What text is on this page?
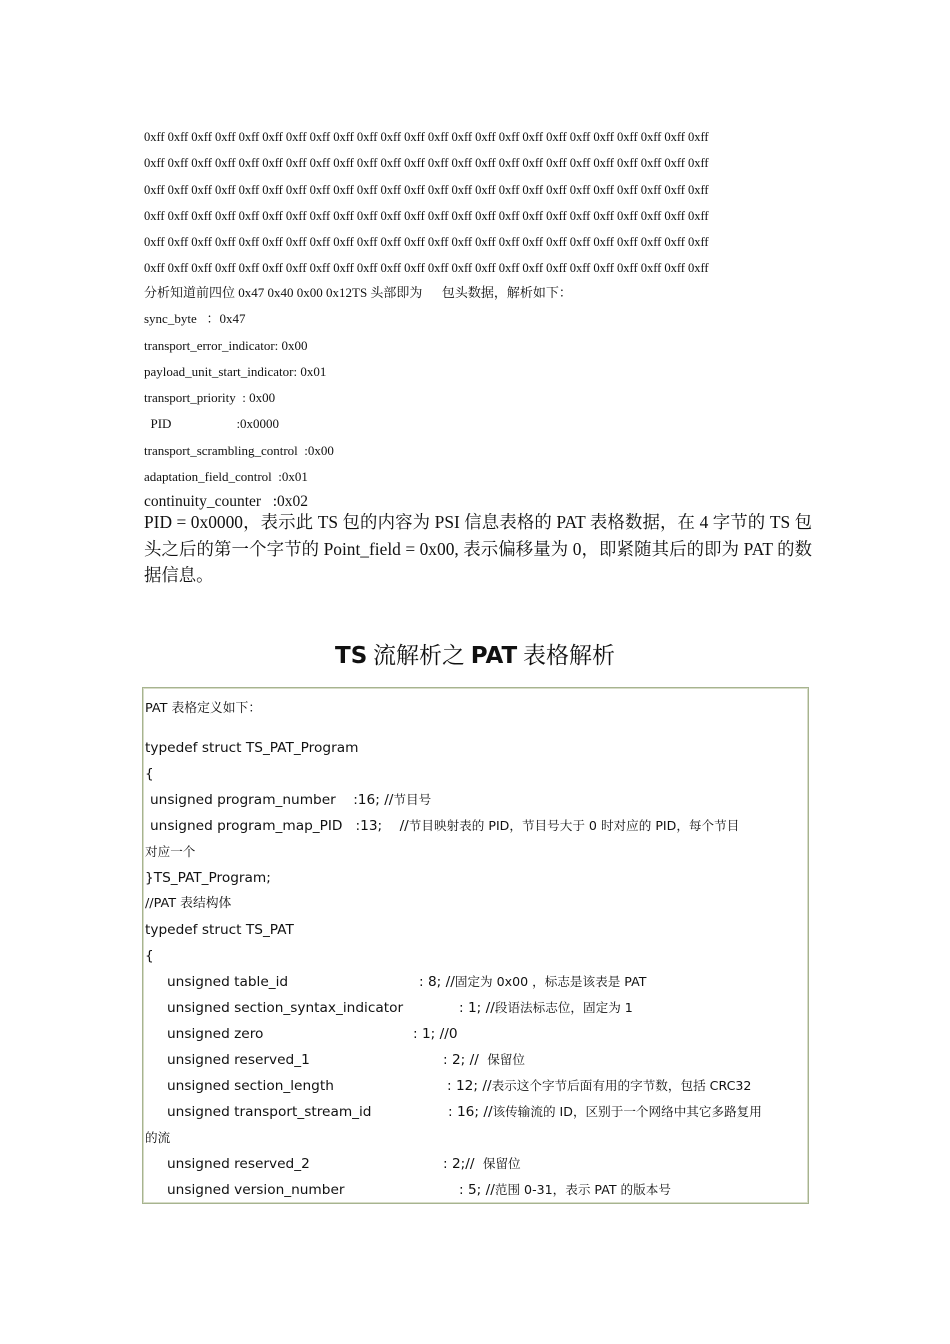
0xff 0xff 0xff 0xff 0xff 0xff 0xff 0xff 0xff 0xff 0xff 0xff 0xff 0xff 0xff 0xff 0xff 0xff 0xff 0xff 0xff 0xff 0xff 0xff
0xff 0xff 0xff 0xff 0xff 0xff 0xff 0xff 0xff 0xff 0xff 0xff 0xff 0xff 0xff 0xff 0xff 0xff 0xff 0xff 0xff 0xff 0xff 0xff
0xff 0xff 0xff 0xff 0xff 0xff 0xff 0xff 0xff 0xff 0xff 0xff 0xff 0xff 0xff 0xff 0xff 0xff 0xff 0xff 0xff 0xff 0xff 0xff
0xff 0xff 0xff 0xff 0xff 0xff 0xff 0xff 0xff 0xff 0xff 0xff 0xff 0xff 0xff 0xff 0xff 0xff 0xff 0xff 0xff 0xff 0xff 0xff
0xff 0xff 0xff 0xff 0xff 0xff 0xff 0xff 0xff 0xff 0xff 0xff 0xff 0xff 0xff 0xff 0xff 0xff 0xff 0xff 0xff 0xff 0xff 0xff
0xff 0xff 0xff 0xff 0xff 0xff 0xff 0xff 0xff 0xff 0xff 0xff 0xff 0xff 0xff 0xff 0xff 0xff 0xff 0xff 0xff 0xff 0xff 0xff
分析知道前四位 0x47 0x40 0x00 0x12TS 头部即为      包头数据，解析如下：
sync_byte   ：0x47
transport_error_indicator: 0x00
payload_unit_start_indicator: 0x01
transport_priority  : 0x00
PID                    :0x0000
transport_scrambling_control  :0x00
adaptation_field_control  :0x01
continuity_counter   :0x02
PID = 0x0000，表示此 TS 包的内容为 PSI 信息表格的 PAT 表格数据，在 4 字节的 TS 包头之后的第一个字节的 Point_field = 0x00, 表示偏移量为 0，即紧随其后的即为 PAT 的数据信息。
TS 流解析之 PAT 表格解析
PAT 表格定义如下：
typedef struct TS_PAT_Program
{
unsigned program_number    :16; //节目号
unsigned program_map_PID   :13;    //节目映射表的 PID，节目号大于 0 时对应的 PID，每个节目
对应一个
}TS_PAT_Program;
//PAT 表结构体
typedef struct TS_PAT
{
unsigned table_id	: 8; //固定为 0x00 ，标志是该表是 PAT
unsigned section_syntax_indicator	: 1; //段语法标志位，固定为 1
unsigned zero	: 1; //0
unsigned reserved_1	: 2; //  保留位
unsigned section_length	: 12; //表示这个字节后面有用的字节数，包括 CRC32
unsigned transport_stream_id	: 16; //该传输流的 ID，区别于一个网络中其它多路复用
的流
unsigned reserved_2	: 2;//  保留位
unsigned version_number	: 5; //范围 0-31，表示 PAT 的版本号
